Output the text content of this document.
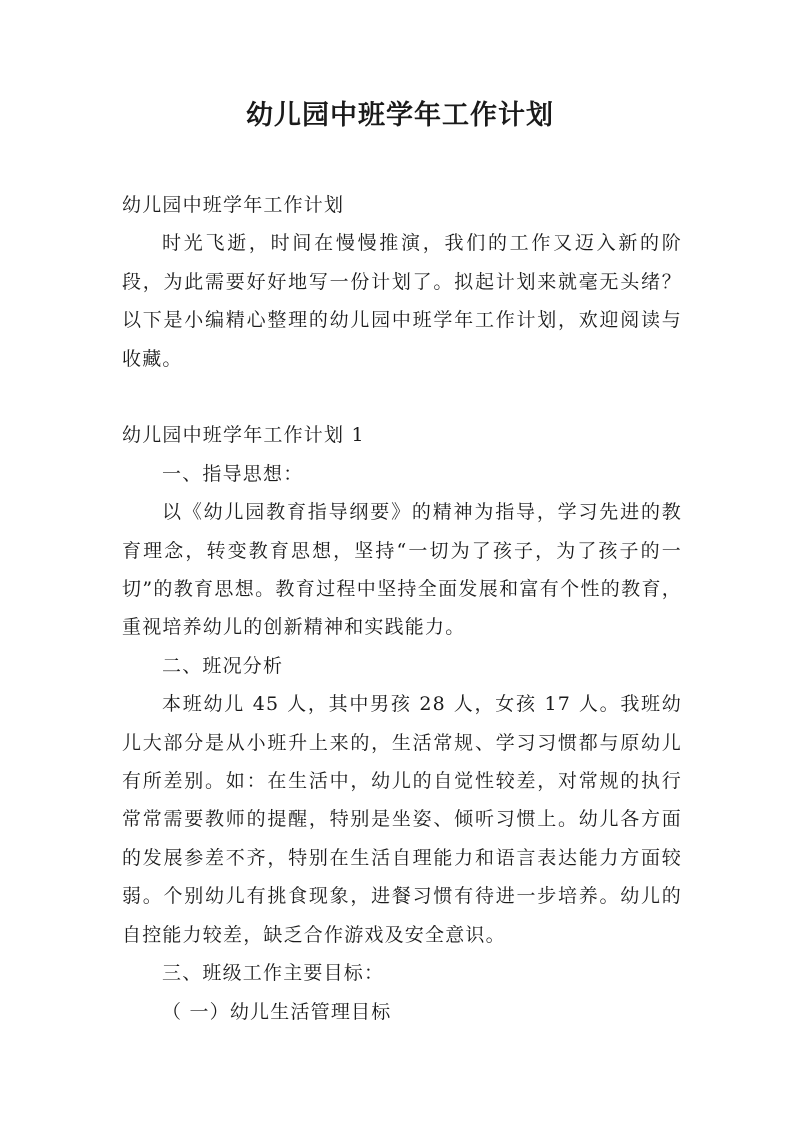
幼儿园中班学年工作计划

幼儿园中班学年工作计划

时光飞逝，时间在慢慢推演，我们的工作又迈入新的阶段，为此需要好好地写一份计划了。拟起计划来就毫无头绪？以下是小编精心整理的幼儿园中班学年工作计划，欢迎阅读与收藏。

幼儿园中班学年工作计划 1

一、指导思想：

以《幼儿园教育指导纲要》的精神为指导，学习先进的教育理念，转变教育思想，坚持“一切为了孩子，为了孩子的一切”的教育思想。教育过程中坚持全面发展和富有个性的教育，重视培养幼儿的创新精神和实践能力。

二、班况分析

本班幼儿 45 人，其中男孩 28 人，女孩 17 人。我班幼儿大部分是从小班升上来的，生活常规、学习习惯都与原幼儿有所差别。如：在生活中，幼儿的自觉性较差，对常规的执行常常需要教师的提醒，特别是坐姿、倾听习惯上。幼儿各方面的发展参差不齐，特别在生活自理能力和语言表达能力方面较弱。个别幼儿有挑食现象，进餐习惯有待进一步培养。幼儿的自控能力较差，缺乏合作游戏及安全意识。

三、班级工作主要目标：

（ 一）幼儿生活管理目标
